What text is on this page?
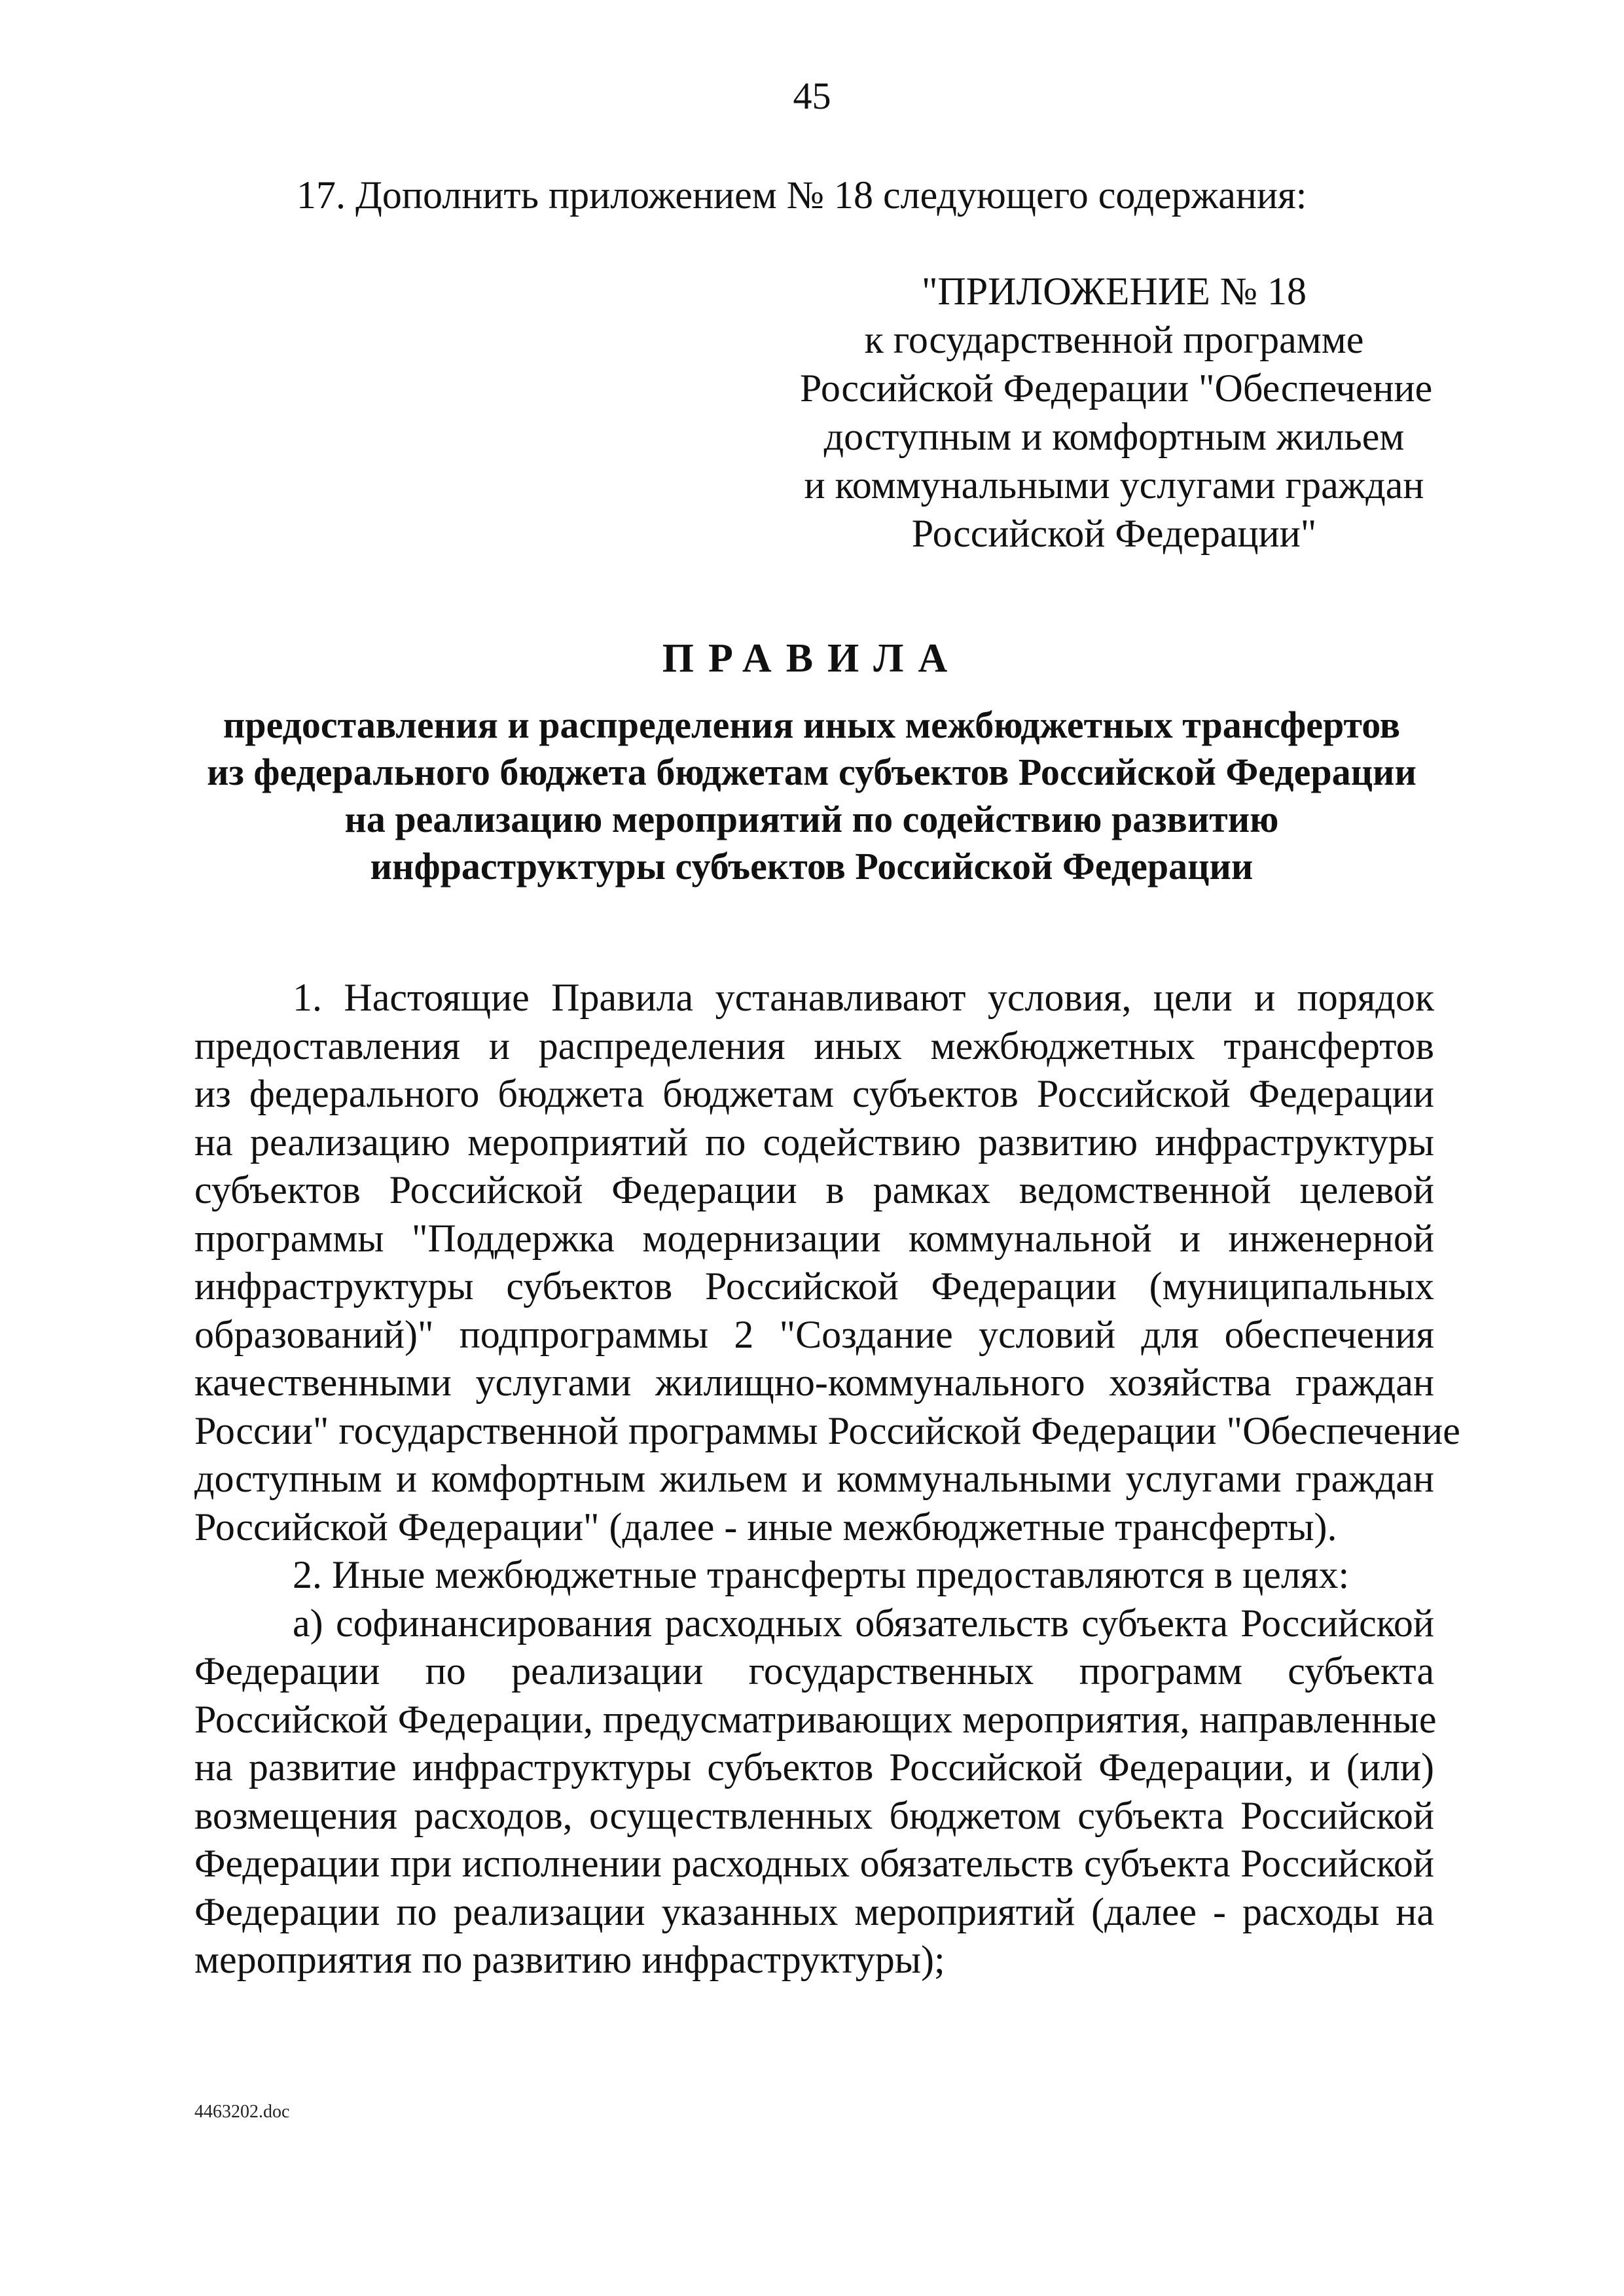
45
17. Дополнить приложением № 18 следующего содержания:
"ПРИЛОЖЕНИЕ № 18
к государственной программе
Российской Федерации "Обеспечение
доступным и комфортным жильем
и коммунальными услугами граждан
Российской Федерации"
ПРАВИЛА
предоставления и распределения иных межбюджетных трансфертов
из федерального бюджета бюджетам субъектов Российской Федерации
на реализацию мероприятий по содействию развитию
инфраструктуры субъектов Российской Федерации
1. Настоящие Правила устанавливают условия, цели и порядок
предоставления и распределения иных межбюджетных трансфертов
из федерального бюджета бюджетам субъектов Российской Федерации
на реализацию мероприятий по содействию развитию инфраструктуры
субъектов Российской Федерации в рамках ведомственной целевой
программы "Поддержка модернизации коммунальной и инженерной
инфраструктуры субъектов Российской Федерации (муниципальных
образований)" подпрограммы 2 "Создание условий для обеспечения
качественными услугами жилищно-коммунального хозяйства граждан
России" государственной программы Российской Федерации "Обеспечение
доступным и комфортным жильем и коммунальными услугами граждан
Российской Федерации" (далее - иные межбюджетные трансферты).
2. Иные межбюджетные трансферты предоставляются в целях:
а) софинансирования расходных обязательств субъекта Российской
Федерации по реализации государственных программ субъекта
Российской Федерации, предусматривающих мероприятия, направленные
на развитие инфраструктуры субъектов Российской Федерации, и (или)
возмещения расходов, осуществленных бюджетом субъекта Российской
Федерации при исполнении расходных обязательств субъекта Российской
Федерации по реализации указанных мероприятий (далее - расходы на
мероприятия по развитию инфраструктуры);
4463202.doc
